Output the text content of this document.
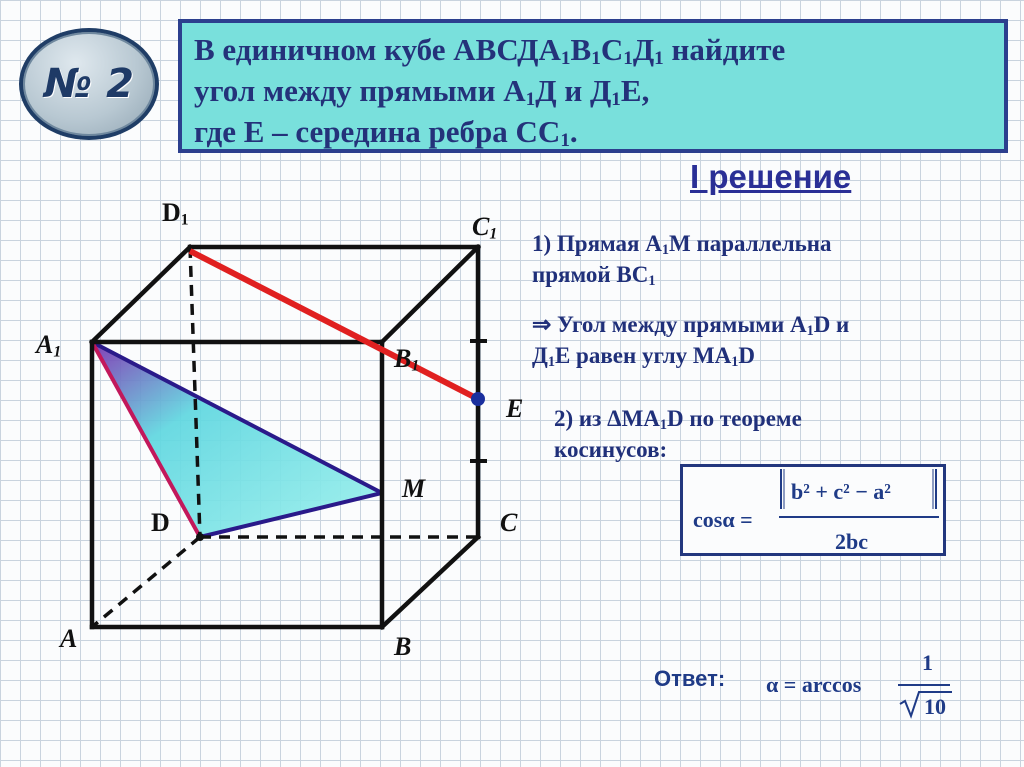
№ 2
В единичном кубе $АВСДА_1В_1С_1Д_1$ найдите
угол между прямыми $А_1Д$ и $Д_1Е$,
где Е – середина ребра $СС_1$.
I решение
1) Прямая $А_1М$ параллельна
прямой $ВС_1$
⇒ Угол между прямыми $А_1D$ и
$Д_1Е$ равен углу $МА_1D$
2) из $\Delta МА_1D$ по теореме
косинусов:
cosα =
b² + c² − a²
2bc
Ответ: α = arccos
1
10
$D_1$	$C_1$
$A_1$	$B_1$
E
M
D	C
A	B
